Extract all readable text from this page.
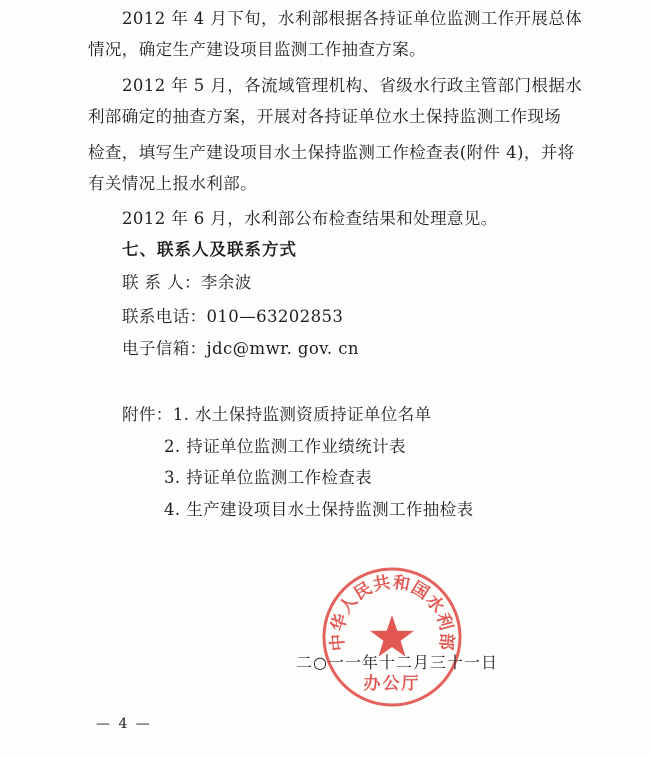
2012 年 4 月下旬，水利部根据各持证单位监测工作开展总体
情况，确定生产建设项目监测工作抽查方案。
2012 年 5 月，各流域管理机构、省级水行政主管部门根据水
利部确定的抽查方案，开展对各持证单位水土保持监测工作现场
检查，填写生产建设项目水土保持监测工作检查表(附件 4)，并将
有关情况上报水利部。
2012 年 6 月，水利部公布检查结果和处理意见。
七、联系人及联系方式
联 系 人：李余波
联系电话：010—63202853
电子信箱：jdc@mwr. gov. cn
附件：1. 水土保持监测资质持证单位名单
2. 持证单位监测工作业绩统计表
3. 持证单位监测工作检查表
4. 生产建设项目水土保持监测工作抽检表
中华人民共和国水利部
办公厅
二○一一年十二月三十一日
— 4 —
